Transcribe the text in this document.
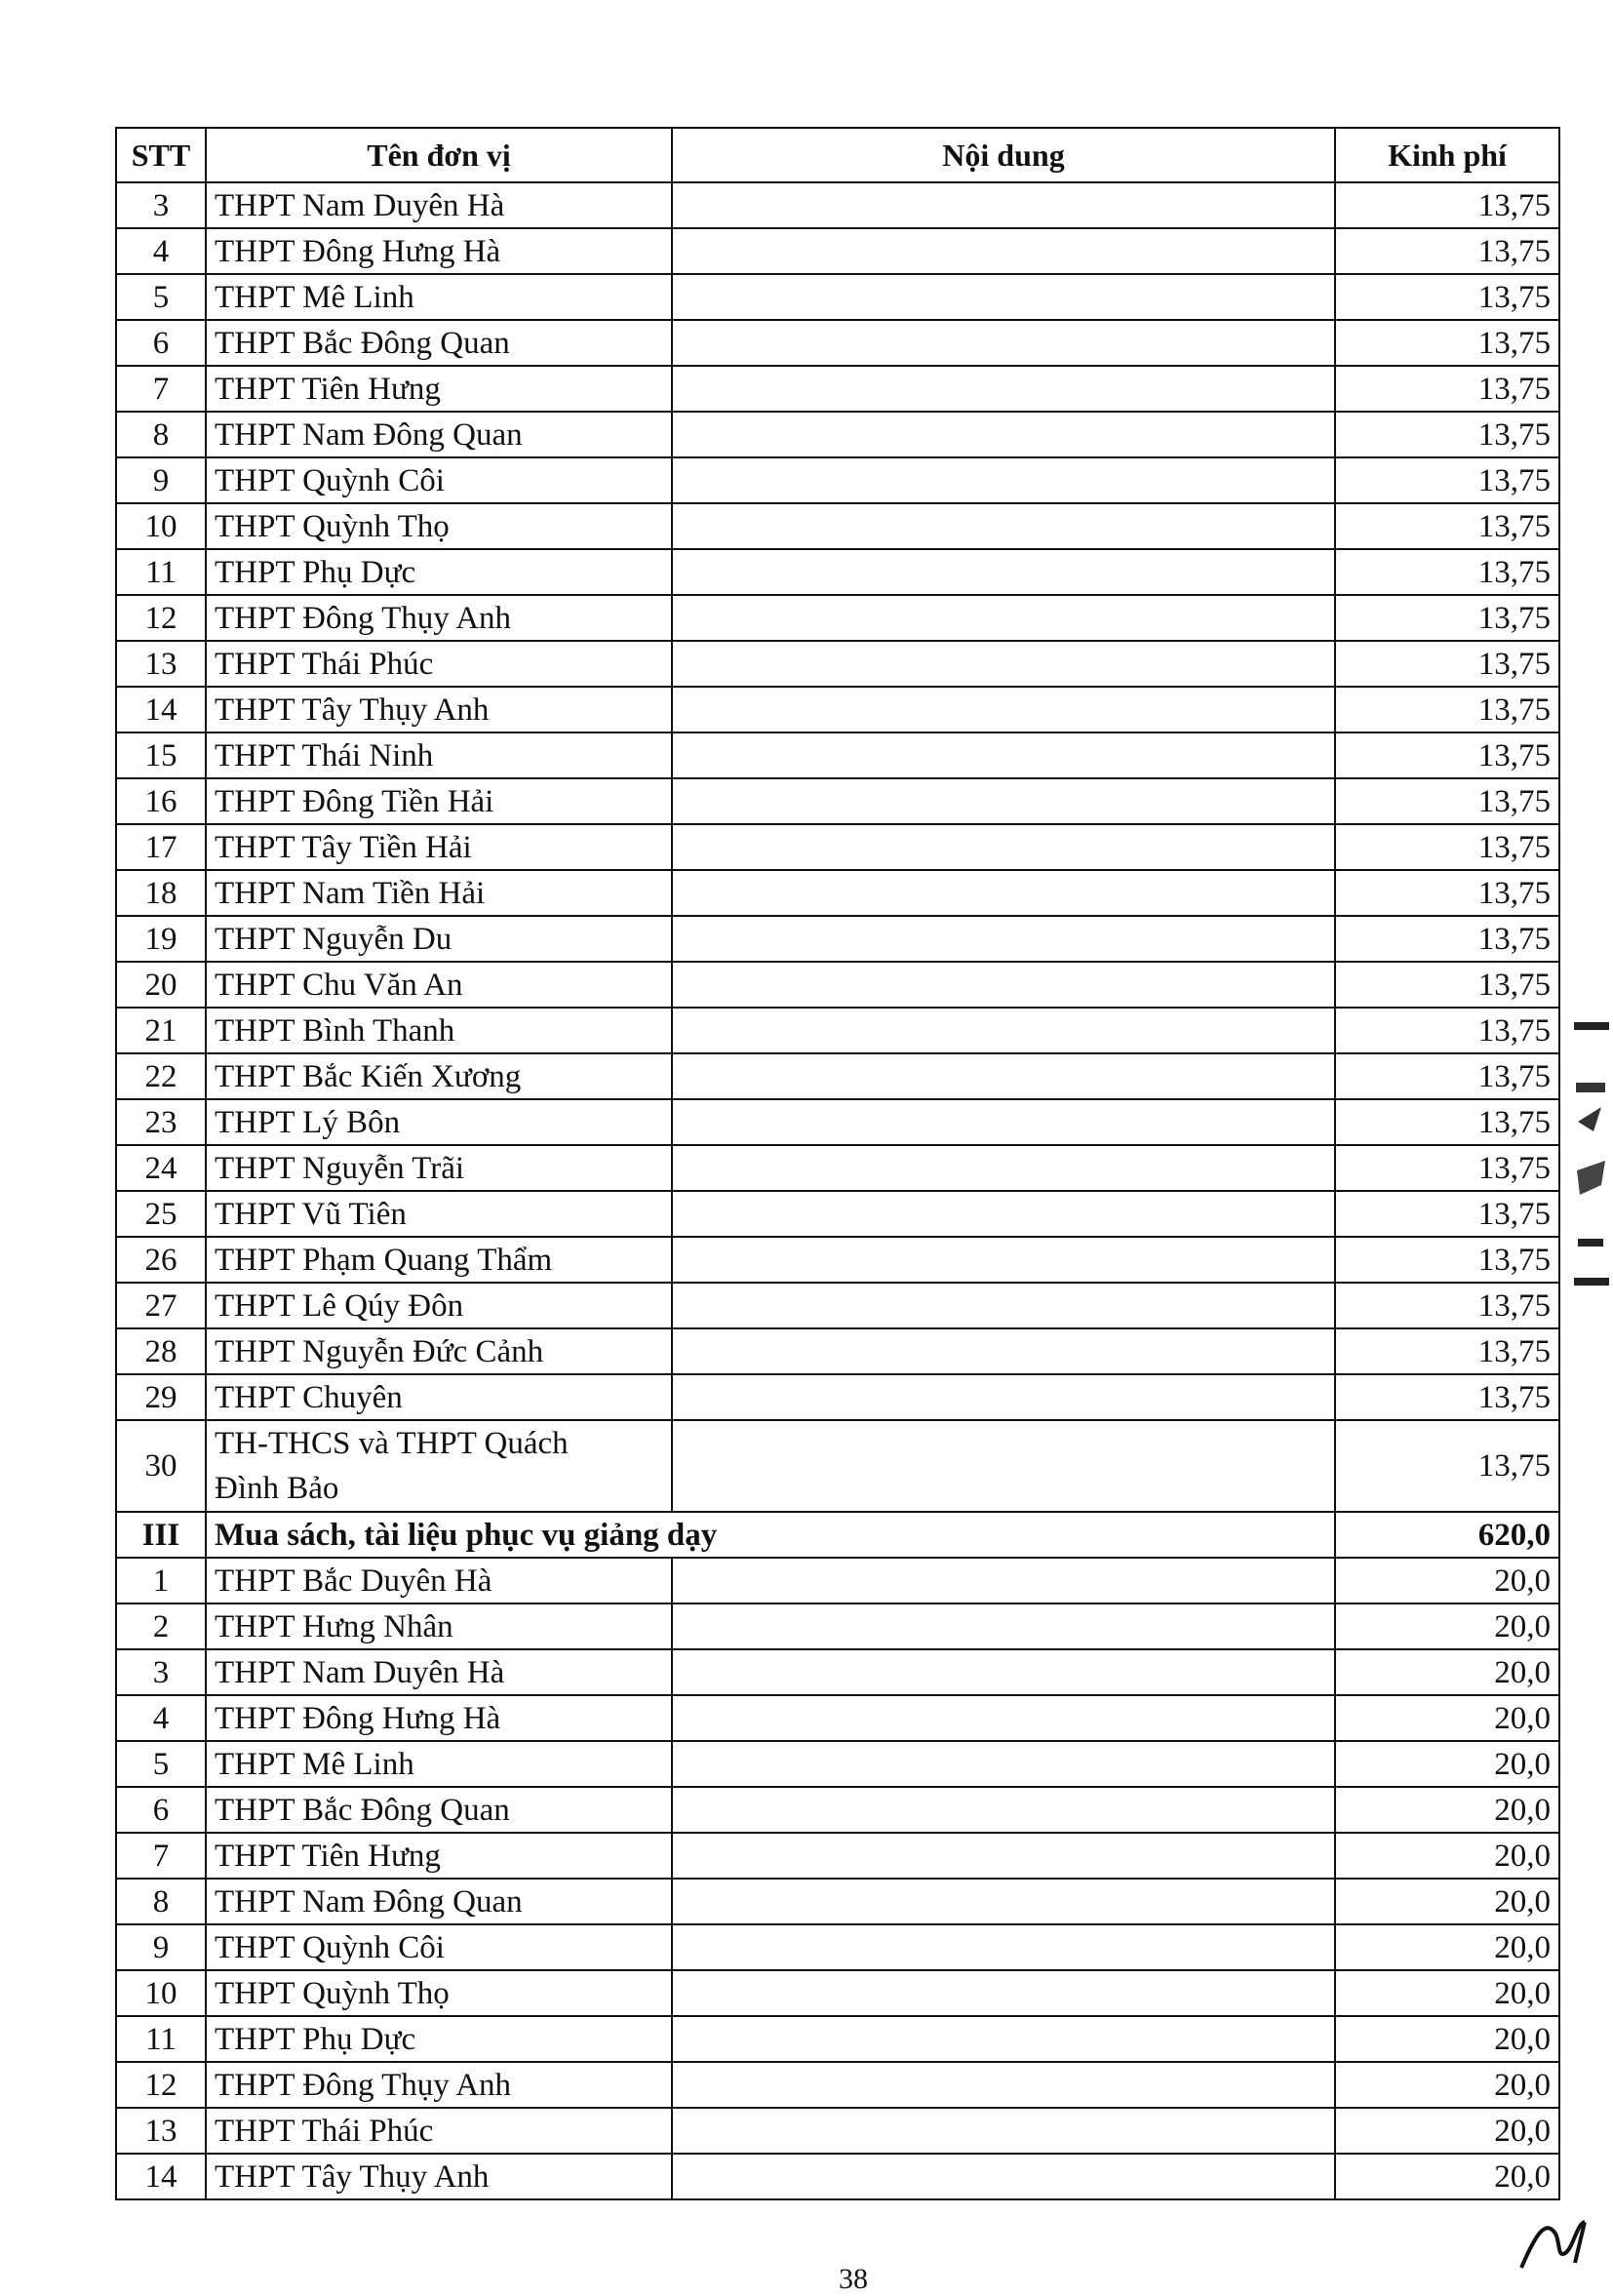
STT	Tên đơn vị	Nội dung	Kinh phí
3	THPT Nam Duyên Hà		13,75
4	THPT Đông Hưng Hà		13,75
5	THPT Mê Linh		13,75
6	THPT Bắc Đông Quan		13,75
7	THPT Tiên Hưng		13,75
8	THPT Nam Đông Quan		13,75
9	THPT Quỳnh Côi		13,75
10	THPT Quỳnh Thọ		13,75
11	THPT Phụ Dực		13,75
12	THPT Đông Thụy Anh		13,75
13	THPT Thái Phúc		13,75
14	THPT Tây Thụy Anh		13,75
15	THPT Thái Ninh		13,75
16	THPT Đông Tiền Hải		13,75
17	THPT Tây Tiền Hải		13,75
18	THPT Nam Tiền Hải		13,75
19	THPT Nguyễn Du		13,75
20	THPT Chu Văn An		13,75
21	THPT Bình Thanh		13,75
22	THPT Bắc Kiến Xương		13,75
23	THPT Lý Bôn		13,75
24	THPT Nguyễn Trãi		13,75
25	THPT Vũ Tiên		13,75
26	THPT Phạm Quang Thẩm		13,75
27	THPT Lê Qúy Đôn		13,75
28	THPT Nguyễn Đức Cảnh		13,75
29	THPT Chuyên		13,75
30	TH-THCS và THPT Quách
Đình Bảo		13,75
III	Mua sách, tài liệu phục vụ giảng dạy		620,0
1	THPT Bắc Duyên Hà		20,0
2	THPT Hưng Nhân		20,0
3	THPT Nam Duyên Hà		20,0
4	THPT Đông Hưng Hà		20,0
5	THPT Mê Linh		20,0
6	THPT Bắc Đông Quan		20,0
7	THPT Tiên Hưng		20,0
8	THPT Nam Đông Quan		20,0
9	THPT Quỳnh Côi		20,0
10	THPT Quỳnh Thọ		20,0
11	THPT Phụ Dực		20,0
12	THPT Đông Thụy Anh		20,0
13	THPT Thái Phúc		20,0
14	THPT Tây Thụy Anh		20,0
38
